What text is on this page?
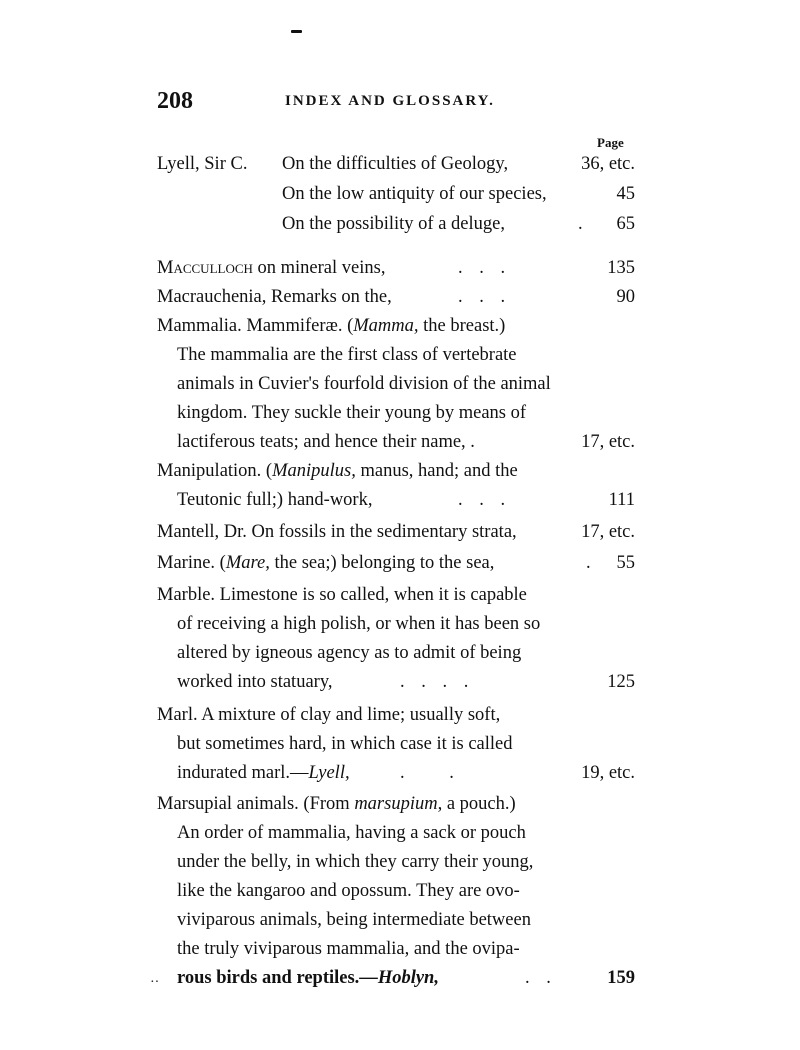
208	INDEX AND GLOSSARY.
Page
Lyell, Sir C. On the difficulties of Geology,	36, etc.
On the low antiquity of our species,	45
On the possibility of a deluge,	. 65
Macculloch on mineral veins,	. . .	135
Macrauchenia, Remarks on the,	. . .	90
Mammalia. Mammiferæ. (Mamma, the breast.)
The mammalia are the first class of vertebrate
animals in Cuvier's fourfold division of the animal
kingdom. They suckle their young by means of
lactiferous teats; and hence their name, .	17, etc.
Manipulation. (Manipulus, manus, hand; and the
Teutonic full;) hand-work,	. . .	111
Mantell, Dr. On fossils in the sedimentary strata,	17, etc.
Marine. (Mare, the sea;) belonging to the sea,	. 55
Marble. Limestone is so called, when it is capable
of receiving a high polish, or when it has been so
altered by igneous agency as to admit of being
worked into statuary,	. . . .	125
Marl. A mixture of clay and lime; usually soft,
but sometimes hard, in which case it is called
indurated marl.—Lyell,	. .	19, etc.
Marsupial animals. (From marsupium, a pouch.)
An order of mammalia, having a sack or pouch
under the belly, in which they carry their young,
like the kangaroo and opossum. They are ovo-
viviparous animals, being intermediate between
the truly viviparous mammalia, and the ovipa-
·· rous birds and reptiles.—Hoblyn,	. .	159
